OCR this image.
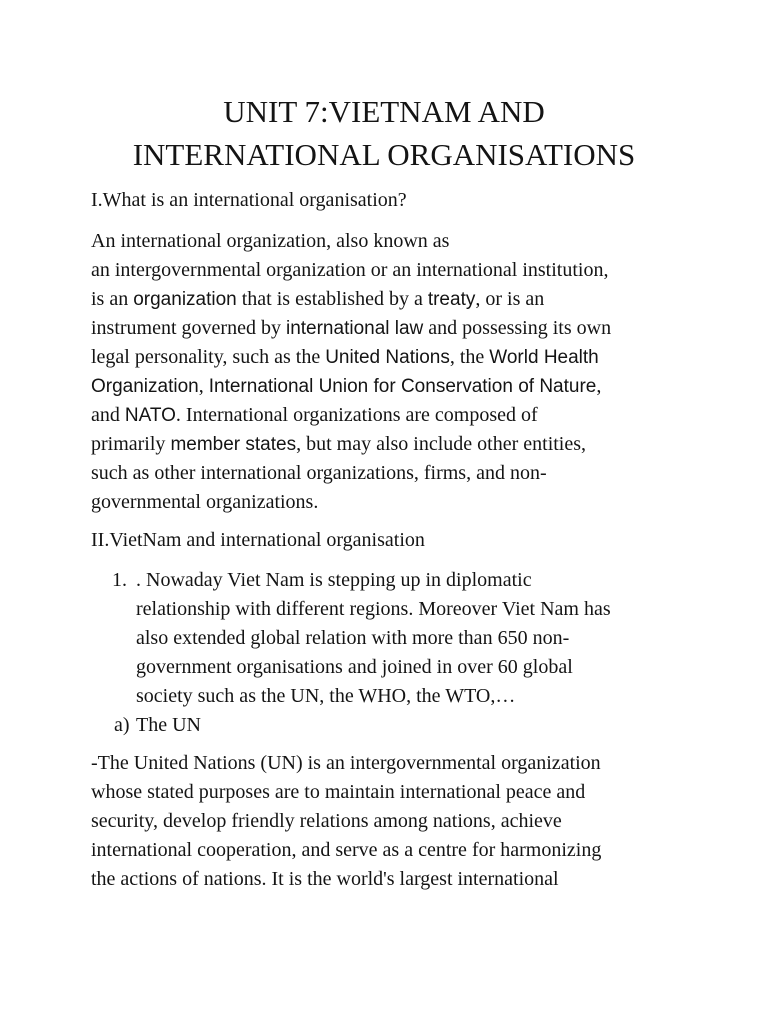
UNIT 7:VIETNAM AND
INTERNATIONAL ORGANISATIONS

I.What is an international organisation?

An international organization, also known as

an intergovernmental organization or an international institution,

is an organization that is established by a treaty, or is an

instrument governed by international law and possessing its own

legal personality, such as the United Nations, the World Health

Organization, International Union for Conservation of Nature,

and NATO. International organizations are composed of

primarily member states, but may also include other entities,

such as other international organizations, firms, and non-

governmental organizations.

II.VietNam and international organisation

1. . Nowaday Viet Nam is stepping up in diplomatic

relationship with different regions. Moreover Viet Nam has

also extended global relation with more than 650 non-

government organisations and joined in over 60 global

society such as the UN, the WHO, the WTO,…

a) The UN

-The United Nations (UN) is an intergovernmental organization

whose stated purposes are to maintain international peace and

security, develop friendly relations among nations, achieve

international cooperation, and serve as a centre for harmonizing

the actions of nations. It is the world's largest international
